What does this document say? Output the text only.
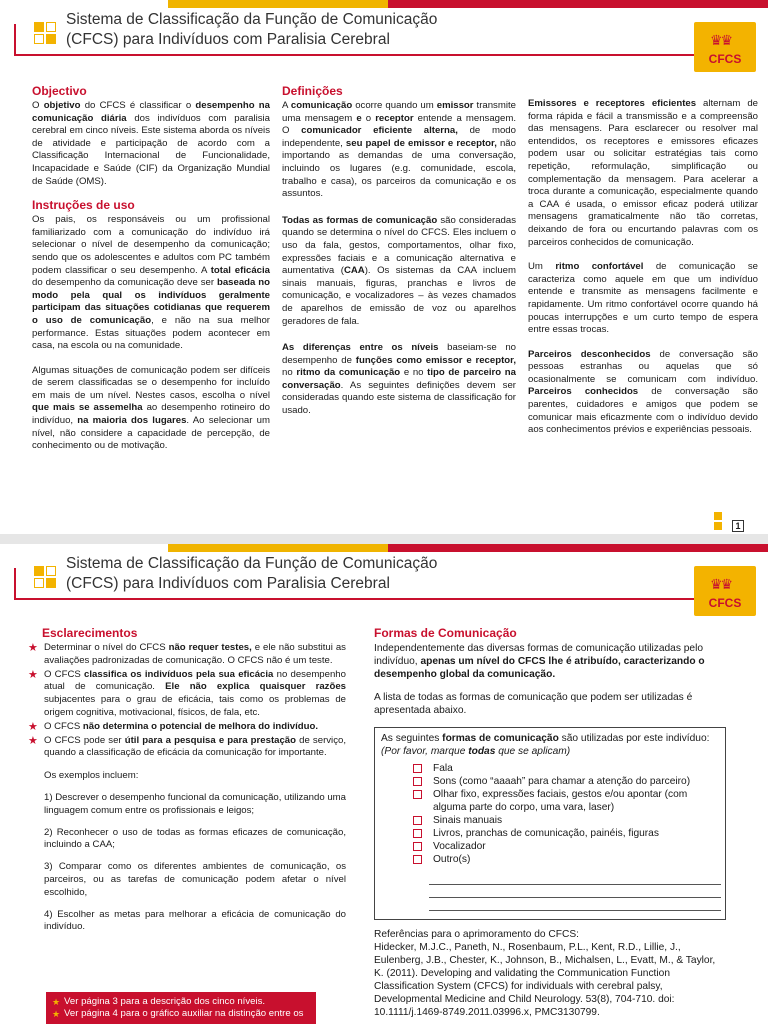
Sistema de Classificação da Função de Comunicação
(CFCS) para Indivíduos com Paralisia Cerebral	♛♛
CFCS
Objectivo

O objetivo do CFCS é classificar o desempenho na comunicação diária dos indivíduos com paralisia cerebral em cinco níveis. Este sistema aborda os níveis de atividade e participação de acordo com a Classificação Internacional de Funcionalidade, Incapacidade e Saúde (CIF) da Organização Mundial de Saúde (OMS).

Instruções de uso

Os pais, os responsáveis ou um profissional familiarizado com a comunicação do indivíduo irá selecionar o nível de desempenho da comunicação; sendo que os adolescentes e adultos com PC também podem classificar o seu desempenho. A total eficácia do desempenho da comunicação deve ser baseada no modo pela qual os indivíduos geralmente participam das situações cotidianas que requerem o uso de comunicação, e não na sua melhor performance. Estas situações podem acontecer em casa, na escola ou na comunidade.

Algumas situações de comunicação podem ser difíceis de serem classificadas se o desempenho for incluído em mais de um nível. Nestes casos, escolha o nível que mais se assemelha ao desempenho rotineiro do indivíduo, na maioria dos lugares. Ao selecionar um nível, não considere a capacidade de percepção, de conhecimento ou de motivação.

Definições

A comunicação ocorre quando um emissor transmite uma mensagem e o receptor entende a mensagem. O comunicador eficiente alterna, de modo independente, seu papel de emissor e receptor, não importando as demandas de uma conversação, incluindo os lugares (e.g. comunidade, escola, trabalho e casa), os parceiros da comunicação e os assuntos.

Todas as formas de comunicação são consideradas quando se determina o nível do CFCS. Eles incluem o uso da fala, gestos, comportamentos, olhar fixo, expressões faciais e a comunicação alternativa e aumentativa (CAA). Os sistemas da CAA incluem sinais manuais, figuras, pranchas e livros de comunicação, e vocalizadores – às vezes chamados de aparelhos de emissão de voz ou aparelhos geradores de fala.

As diferenças entre os níveis baseiam-se no desempenho de funções como emissor e receptor, no ritmo da comunicação e no tipo de parceiro na conversação. As seguintes definições devem ser consideradas quando este sistema de classificação for usado.

Emissores e receptores eficientes alternam de forma rápida e fácil a transmissão e a compreensão das mensagens. Para esclarecer ou resolver mal entendidos, os receptores e emissores eficazes podem usar ou solicitar estratégias tais como repetição, reformulação, simplificação ou complementação da mensagem. Para acelerar a troca durante a comunicação, especialmente quando a CAA é usada, o emissor eficaz poderá utilizar mensagens gramaticalmente não tão corretas, deixando de fora ou encurtando palavras com os parceiros conhecidos de comunicação.

Um ritmo confortável de comunicação se caracteriza como aquele em que um indivíduo entende e transmite as mensagens facilmente e rapidamente. Um ritmo confortável ocorre quando há poucas interrupções e um curto tempo de espera entre essas trocas.

Parceiros desconhecidos de conversação são pessoas estranhas ou aquelas que só ocasionalmente se comunicam com indivíduo. Parceiros conhecidos de conversação são parentes, cuidadores e amigos que podem se comunicar mais eficazmente com o indivíduo devido aos conhecimentos prévios e experiências pessoais.

1
Sistema de Classificação da Função de Comunicação
(CFCS) para Indivíduos com Paralisia Cerebral	♛♛
CFCS
Esclarecimentos
★ Determinar o nível do CFCS não requer testes, e ele não substitui as avaliações padronizadas de comunicação. O CFCS não é um teste.
★ O CFCS classifica os indivíduos pela sua eficácia no desempenho atual de comunicação. Ele não explica quaisquer razões subjacentes para o grau de eficácia, tais como os problemas de origem cognitiva, motivacional, físicos, de fala, etc.
★ O CFCS não determina o potencial de melhora do indivíduo.
★ O CFCS pode ser útil para a pesquisa e para prestação de serviço, quando a classificação de eficácia da comunicação for importante.

Os exemplos incluem:

1) Descrever o desempenho funcional da comunicação, utilizando uma linguagem comum entre os profissionais e leigos;

2) Reconhecer o uso de todas as formas eficazes de comunicação, incluindo a CAA;

3) Comparar como os diferentes ambientes de comunicação, os parceiros, ou as tarefas de comunicação podem afetar o nível escolhido,

4) Escolher as metas para melhorar a eficácia de comunicação do indivíduo.

★ Ver página 3 para a descrição dos cinco níveis.
★ Ver página 4 para o gráfico auxiliar na distinção entre os
Formas de Comunicação

Independentemente das diversas formas de comunicação utilizadas pelo indivíduo, apenas um nível do CFCS lhe é atribuído, caracterizando o desempenho global da comunicação.

A lista de todas as formas de comunicação que podem ser utilizadas é apresentada abaixo.

As seguintes formas de comunicação são utilizadas por este indivíduo:
(Por favor, marque todas que se aplicam)
Fala
Sons (como “aaaah” para chamar a atenção do parceiro)
Olhar fixo, expressões faciais, gestos e/ou apontar (com alguma parte do corpo, uma vara, laser)
Sinais manuais
Livros, pranchas de comunicação, painéis, figuras
Vocalizador
Outro(s)
Referências para o aprimoramento do CFCS:
Hidecker, M.J.C., Paneth, N., Rosenbaum, P.L., Kent, R.D., Lillie, J., Eulenberg, J.B., Chester, K., Johnson, B., Michalsen, L., Evatt, M., & Taylor, K. (2011). Developing and validating the Communication Function Classification System (CFCS) for individuals with cerebral palsy, Developmental Medicine and Child Neurology. 53(8), 704-710. doi: 10.1111/j.1469-8749.2011.03996.x, PMC3130799.
